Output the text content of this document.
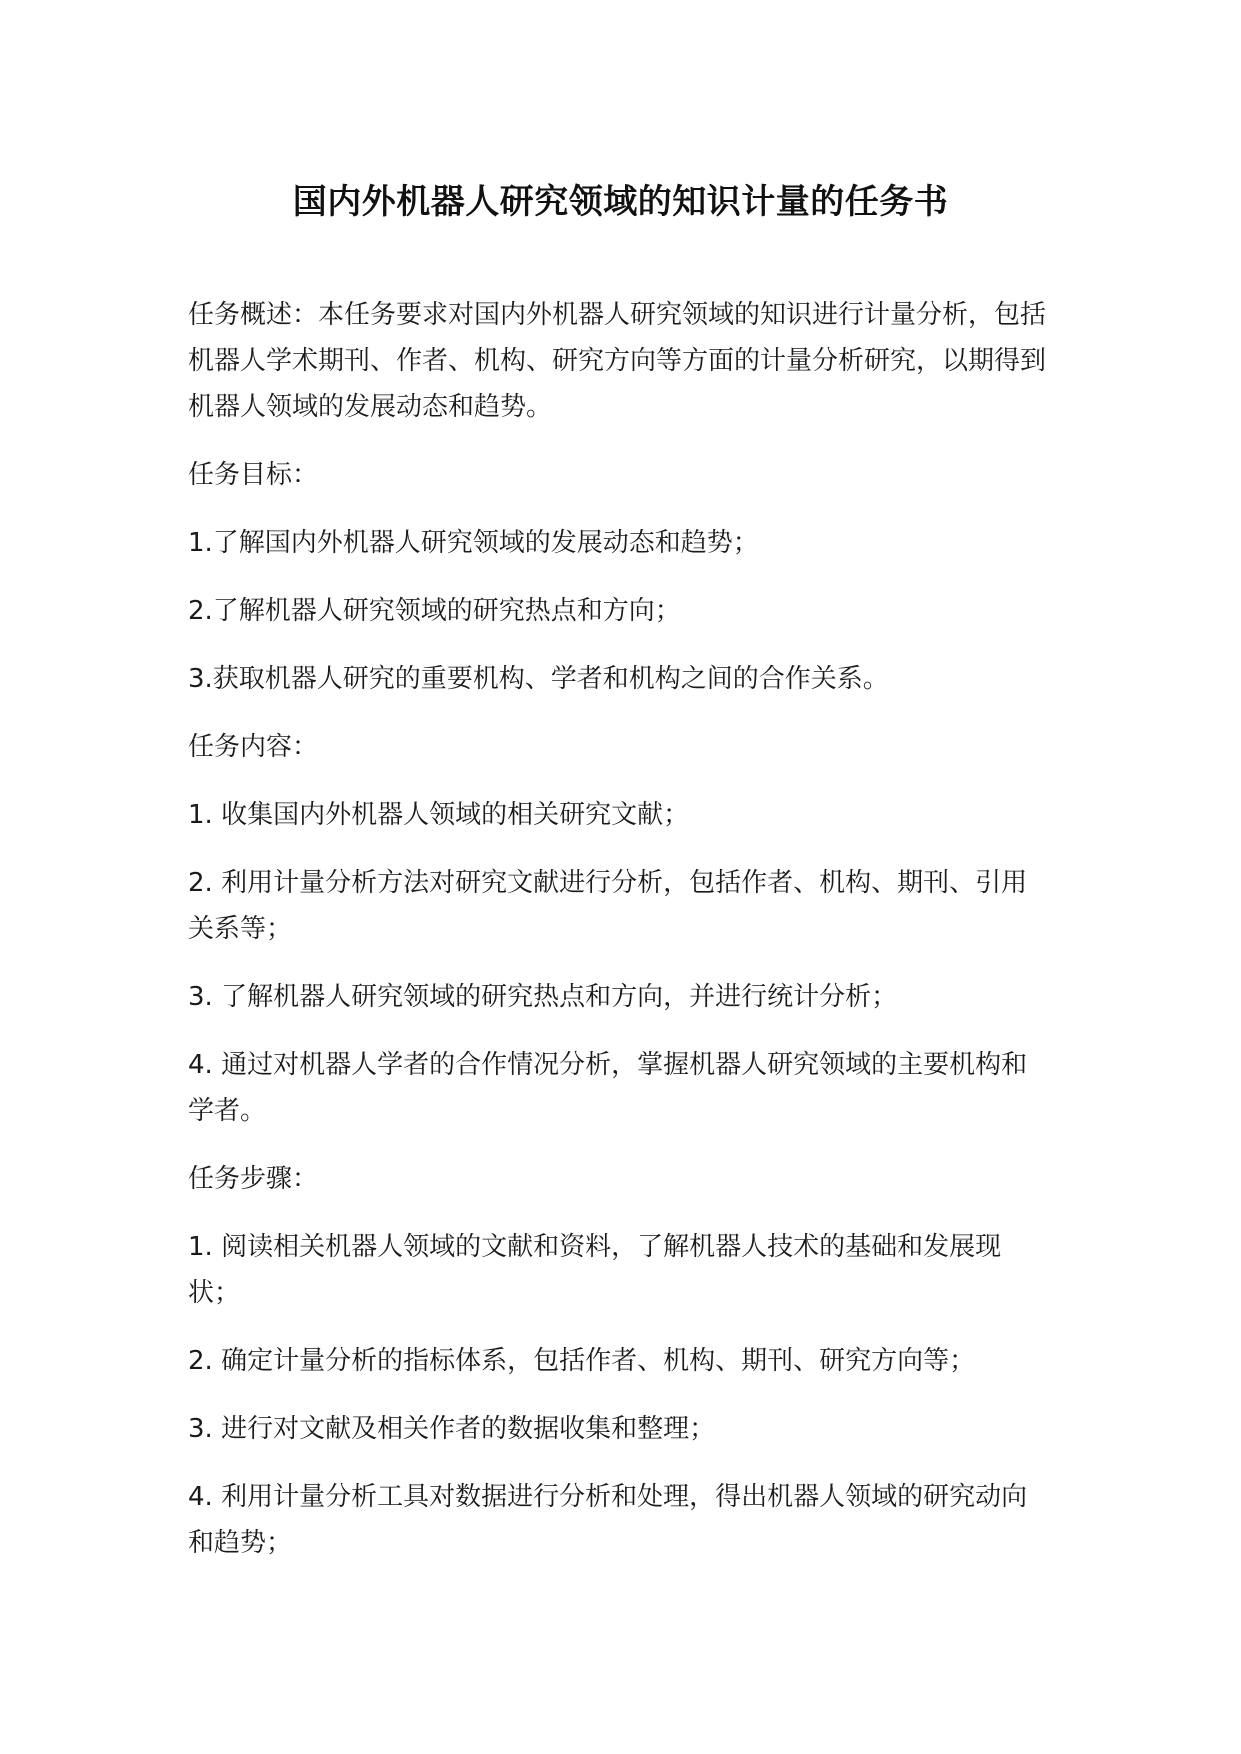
国内外机器人研究领域的知识计量的任务书

任务概述：本任务要求对国内外机器人研究领域的知识进行计量分析，包括机器人学术期刊、作者、机构、研究方向等方面的计量分析研究，以期得到机器人领域的发展动态和趋势。

任务目标：

1.了解国内外机器人研究领域的发展动态和趋势；

2.了解机器人研究领域的研究热点和方向；

3.获取机器人研究的重要机构、学者和机构之间的合作关系。

任务内容：

1. 收集国内外机器人领域的相关研究文献；

2. 利用计量分析方法对研究文献进行分析，包括作者、机构、期刊、引用关系等；

3. 了解机器人研究领域的研究热点和方向，并进行统计分析；

4. 通过对机器人学者的合作情况分析，掌握机器人研究领域的主要机构和学者。

任务步骤：

1. 阅读相关机器人领域的文献和资料，了解机器人技术的基础和发展现状；

2. 确定计量分析的指标体系，包括作者、机构、期刊、研究方向等；

3. 进行对文献及相关作者的数据收集和整理；

4. 利用计量分析工具对数据进行分析和处理，得出机器人领域的研究动向和趋势；
